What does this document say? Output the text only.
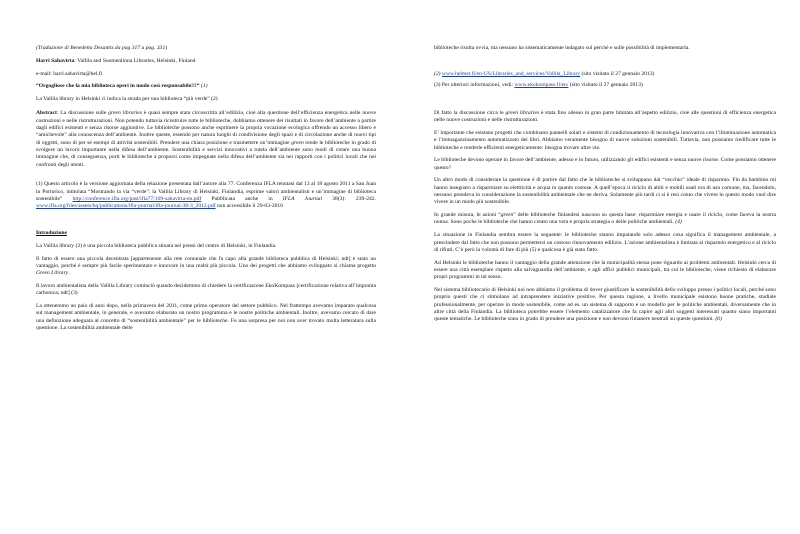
(Traduzione di Benedetta Desantis da pag 317 a pag. 331)

Harri Sahavirta: Vallila and Suomenlinna Libraries, Helsinki, Finland

e-mail: harri.sahavirta@hel.fi

“Orgogliose che la mia biblioteca operi in modo così responsabile!!!“ (1)

La Vallila library in Helsinki ci indica la strada per una biblioteca “più verde” (2)

Abstract: La discussione sulle green libraries è quasi sempre stata circoscritta all’edilizia, cioè alla questione dell’efficienza energetica nelle nuove costruzioni e nelle ristrutturazioni. Non potendo tuttavia ricostruire tutte le biblioteche, dobbiamo ottenere dei risultati in favore dell’ambiente a partire dagli edifici esistenti e senza risorse aggiuntive. Le biblioteche possono anche esprimere la propria vocazione ecologica offrendo un accesso libero e “amichevole” alla conoscenza dell’ambiente. Inoltre queste, essendo per natura luoghi di condivisione degli spazi e di circolazione anche di nuovi tipi di oggetti, sono di per sé esempi di attività sostenibili. Prendere una chiara posizione e trasmettere un’immagine green rende le biblioteche in grado di svolgere un lavoro importante nella difesa dell’ambiente. Sostenibilità e servizi innovativi a tutela dell’ambiente sono modi di creare una buona immagine che, di conseguenza, porti le biblioteche a proporsi come impegnate nella difesa dell’ambiente sia nei rapporti con i politici locali che nei confronti degli utenti.

(1) Questo articolo è la versione aggiornata della relazione presentata dall’autore alla 77. Conferenza IFLA tenutasi dal 13 al 18 agosto 2011 a San Juan in Portorico, intitolata “Mostrando la via “verde”: la Vallila Library di Helsinki, Finlandia, esprime valori ambientalisti e un’immagine di biblioteca sostenibile” http://conference.ifla.org/past/ifla77/109-sahavirta-en.pdf Pubblicata anche in IFLA Journal 38(3): 239-242. www.ifla.org/files/assets/hq/publications/ifla-journal/ifla-journal-38-3_2012.pdf non accessibile il 29-03-2016

Introduzione

La Vallila library (2) è una piccola biblioteca pubblica situata nei pressi del centro di Helsinki, in Finlandia.

Il fatto di essere una piccola decentrata [appartenente alla rete comunale che fa capo alla grande biblioteca pubblica di Helsinki; ndt] è stato un vantaggio, perché è sempre più facile sperimentare e innovare in una realtà più piccola. Uno dei progetti che abbiamo sviluppato si chiama progetto Green Library.

Il lavoro ambientalista della Vallila Library cominciò quando decidemmo di chiedere la certificazione EkoKompass [certificazione relativa all’impronta carbonica; ndt] (3)

La ottenemmo un paio di anni dopo, nella primavera del 2011, come primo operatore del settore pubblico. Nel frattempo avevamo imparato qualcosa sul management ambientale, in generale, e avevamo elaborato un nostro programma e le nostre politiche ambientali. Inoltre, avevamo cercato di dare una definizione adeguata al concetto di “sostenibilità ambientale” per le biblioteche. Fu una sorpresa per noi non aver trovato molta letteratura sulla questione. La sostenibilità ambientale delle

biblioteche risulta ovvia, ma nessuno ha sistematicamente indagato sul perché e sulle possibilità di implementarla.

(2) www.helmet.fi/en-US/Libraries_and_services/Vallila_Library (sito visitato il 27 gennaio 2013)

(3) Per ulteriori informazioni, vedi: www.ekokompass.fi/en/ (sito visitato il 27 gennaio 2013)

Di fatto la discussione circa le green libraries è stata fino adesso in gran parte limitata all’aspetto edilizio, cioè alle questioni di efficienza energetica nelle nuove costruzioni e nelle ristrutturazioni.

E’ importante che esistano progetti che combinano pannelli solari e sistemi di condizionamento di tecnologia innovativa con l’illuminazione automatica e l’immagazzinamento automatizzato dei libri. Abbiamo veramente bisogno di nuove soluzioni sostenibili. Tuttavia, non possiamo riedificare tutte le biblioteche e renderle efficienti energeticamente: bisogna trovare altre vie.

Le biblioteche devono operare in favore dell’ambiente, adesso e in futuro, utilizzando gli edifici esistenti e senza nuove risorse. Come possiamo ottenere questo?

Un altro modo di considerare la questione è di partire dal fatto che le biblioteche si sviluppano dal “vecchio” ideale di risparmio. Fin da bambino mi hanno insegnato a risparmiare su elettricità e acqua in quanto costose. A quell’epoca il riciclo di abiti e mobili usati era di uso comune, ma, facendolo, nessuno prendeva in considerazione la sostenibilità ambientale che ne deriva. Solamente più tardi ci si è resi conto che vivere in questo modo vuol dire vivere in un modo più sostenibile.

In grande misura, le azioni “green” delle biblioteche finlandesi nascono su questa base: risparmiare energia e usare il riciclo, come faceva la nostra nonna. Sono poche le biblioteche che hanno creato una vera e propria strategia o delle politiche ambientali. (4)

La situazione in Finlandia sembra essere la seguente: le biblioteche stanno imparando solo adesso cosa significa il management ambientale, a prescindere dal fatto che non possono permettersi un costoso rinnovamento edilizio. L’azione ambientalista è limitata al risparmio energetico e al riciclo di rifiuti. C’è però la volontà di fare di più (5) e qualcosa è già stato fatto.

Ad Helsinki le biblioteche hanno il vantaggio della grande attenzione che la municipalità stessa pone riguardo ai problemi ambientali. Helsinki cerca di essere una città esemplare rispetto alla salvaguardia dell’ambiente, e agli uffici pubblici municipali, tra cui le biblioteche, viene richiesto di elaborare propri programmi in tal senso.

Nel sistema bibliotecario di Helsinki noi non abbiamo il problema di dover giustificare la sostenibilità dello sviluppo presso i politici locali, perché sono proprio questi che ci stimolano ad intraprendere iniziative positive. Per questa ragione, a livello municipale esistono buone pratiche, studiate professionalmente, per operare in modo sostenibile, come ad es. un sistema di supporto e un modello per le politiche ambientali, diversamente che in altre città della Finlandia. La biblioteca potrebbe essere l’elemento catalizzatore che fa capire agli altri soggetti interessati quanto siano importanti queste tematiche. Le biblioteche sono in grado di prendere una posizione e non devono rimanere neutrali su queste questioni. (6)
